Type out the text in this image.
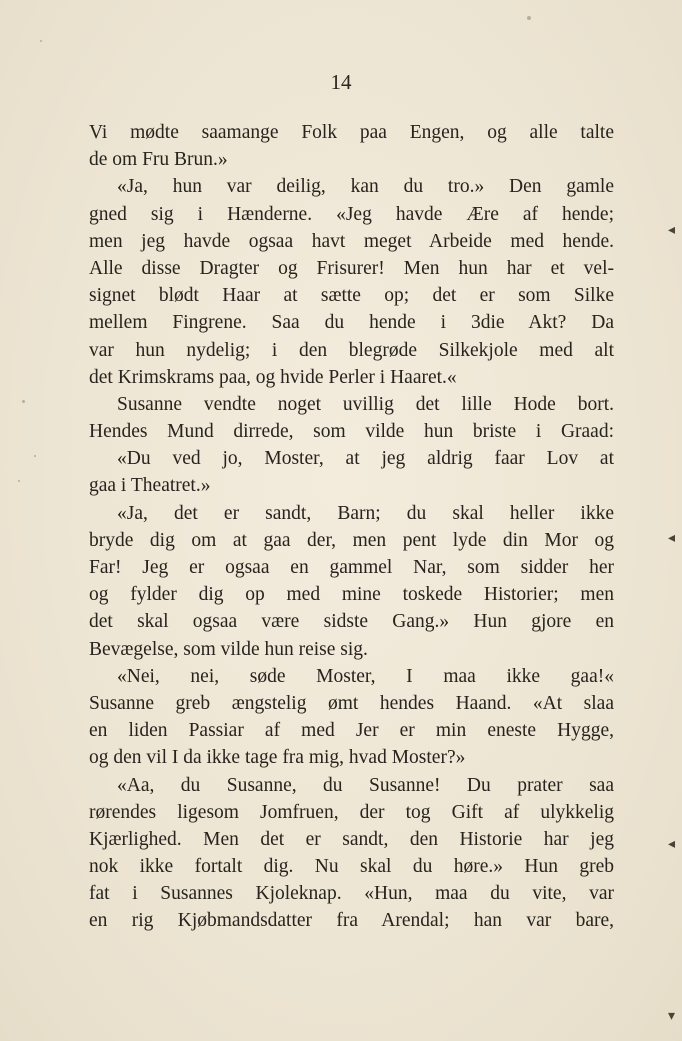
14
Vi mødte saamange Folk paa Engen, og alle talte
de om Fru Brun.»
«Ja, hun var deilig, kan du tro.» Den gamle
gned sig i Hænderne. «Jeg havde Ære af hende;
men jeg havde ogsaa havt meget Arbeide med hende.
Alle disse Dragter og Frisurer! Men hun har et vel-
signet blødt Haar at sætte op; det er som Silke
mellem Fingrene. Saa du hende i 3die Akt? Da
var hun nydelig; i den blegrøde Silkekjole med alt
det Krimskrams paa, og hvide Perler i Haaret.«
Susanne vendte noget uvillig det lille Hode bort.
Hendes Mund dirrede, som vilde hun briste i Graad:
«Du ved jo, Moster, at jeg aldrig faar Lov at
gaa i Theatret.»
«Ja, det er sandt, Barn; du skal heller ikke
bryde dig om at gaa der, men pent lyde din Mor og
Far! Jeg er ogsaa en gammel Nar, som sidder her
og fylder dig op med mine toskede Historier; men
det skal ogsaa være sidste Gang.» Hun gjore en
Bevægelse, som vilde hun reise sig.
«Nei, nei, søde Moster, I maa ikke gaa!«
Susanne greb ængstelig ømt hendes Haand. «At slaa
en liden Passiar af med Jer er min eneste Hygge,
og den vil I da ikke tage fra mig, hvad Moster?»
«Aa, du Susanne, du Susanne! Du prater saa
rørendes ligesom Jomfruen, der tog Gift af ulykkelig
Kjærlighed. Men det er sandt, den Historie har jeg
nok ikke fortalt dig. Nu skal du høre.» Hun greb
fat i Susannes Kjoleknap. «Hun, maa du vite, var
en rig Kjøbmandsdatter fra Arendal; han var bare,
◂
◂
◂
▾
